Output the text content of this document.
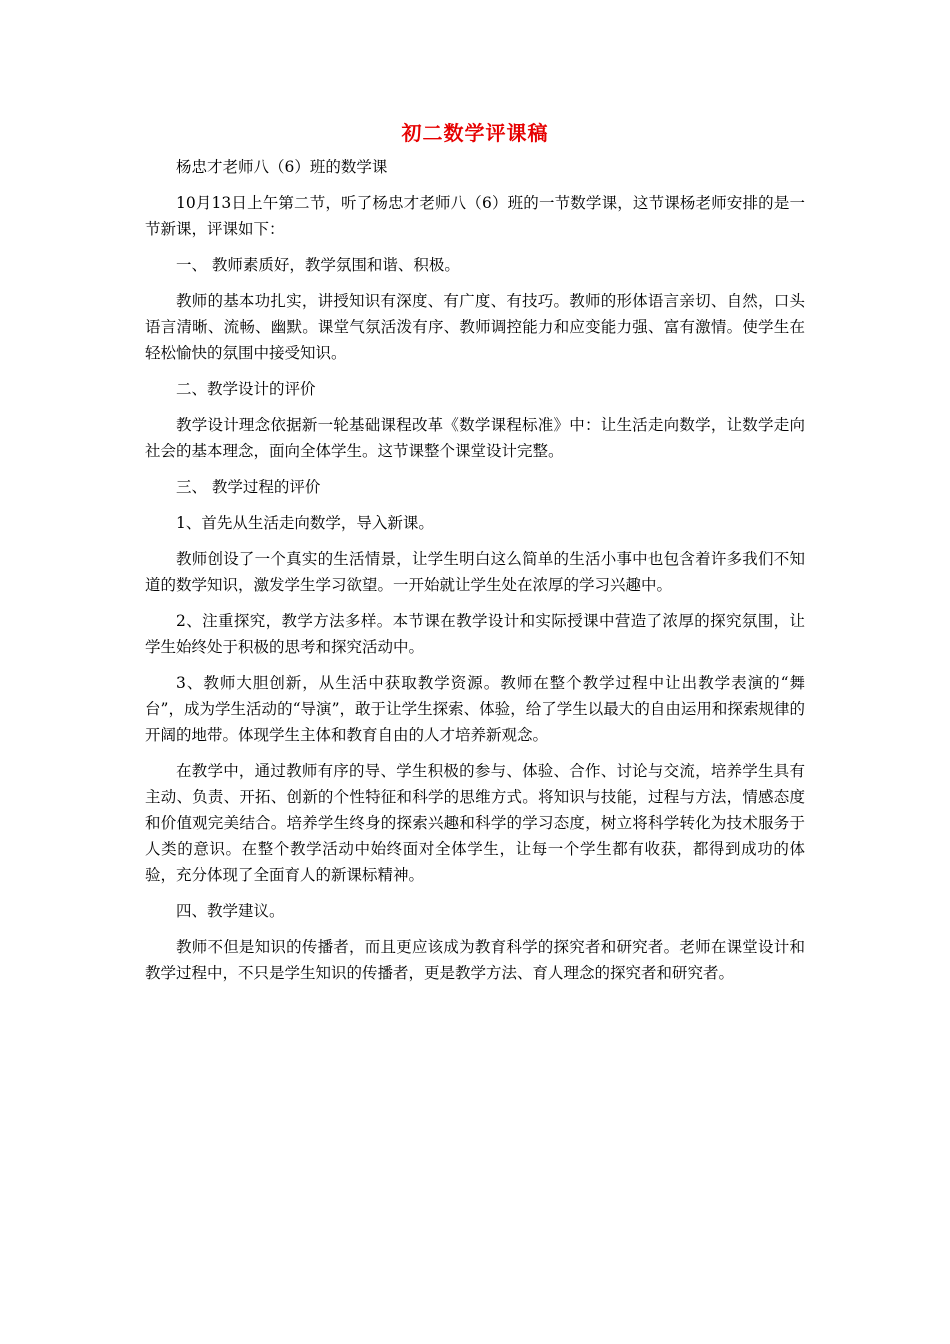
初二数学评课稿

杨忠才老师八（6）班的数学课

10月13日上午第二节，听了杨忠才老师八（6）班的一节数学课，这节课杨老师安排的是一节新课，评课如下：

一、 教师素质好，教学氛围和谐、积极。

教师的基本功扎实，讲授知识有深度、有广度、有技巧。教师的形体语言亲切、自然，口头语言清晰、流畅、幽默。课堂气氛活泼有序、教师调控能力和应变能力强、富有激情。使学生在轻松愉快的氛围中接受知识。

二、教学设计的评价

教学设计理念依据新一轮基础课程改革《数学课程标准》中：让生活走向数学，让数学走向社会的基本理念，面向全体学生。这节课整个课堂设计完整。

三、 教学过程的评价

1、首先从生活走向数学，导入新课。

教师创设了一个真实的生活情景，让学生明白这么简单的生活小事中也包含着许多我们不知道的数学知识，激发学生学习欲望。一开始就让学生处在浓厚的学习兴趣中。

2、注重探究，教学方法多样。本节课在教学设计和实际授课中营造了浓厚的探究氛围，让学生始终处于积极的思考和探究活动中。

3、教师大胆创新，从生活中获取教学资源。教师在整个教学过程中让出教学表演的“舞台”，成为学生活动的“导演”，敢于让学生探索、体验，给了学生以最大的自由运用和探索规律的开阔的地带。体现学生主体和教育自由的人才培养新观念。

在教学中，通过教师有序的导、学生积极的参与、体验、合作、讨论与交流，培养学生具有主动、负责、开拓、创新的个性特征和科学的思维方式。将知识与技能，过程与方法，情感态度和价值观完美结合。培养学生终身的探索兴趣和科学的学习态度，树立将科学转化为技术服务于人类的意识。在整个教学活动中始终面对全体学生，让每一个学生都有收获，都得到成功的体验，充分体现了全面育人的新课标精神。

四、教学建议。

教师不但是知识的传播者，而且更应该成为教育科学的探究者和研究者。老师在课堂设计和教学过程中，不只是学生知识的传播者，更是教学方法、育人理念的探究者和研究者。
